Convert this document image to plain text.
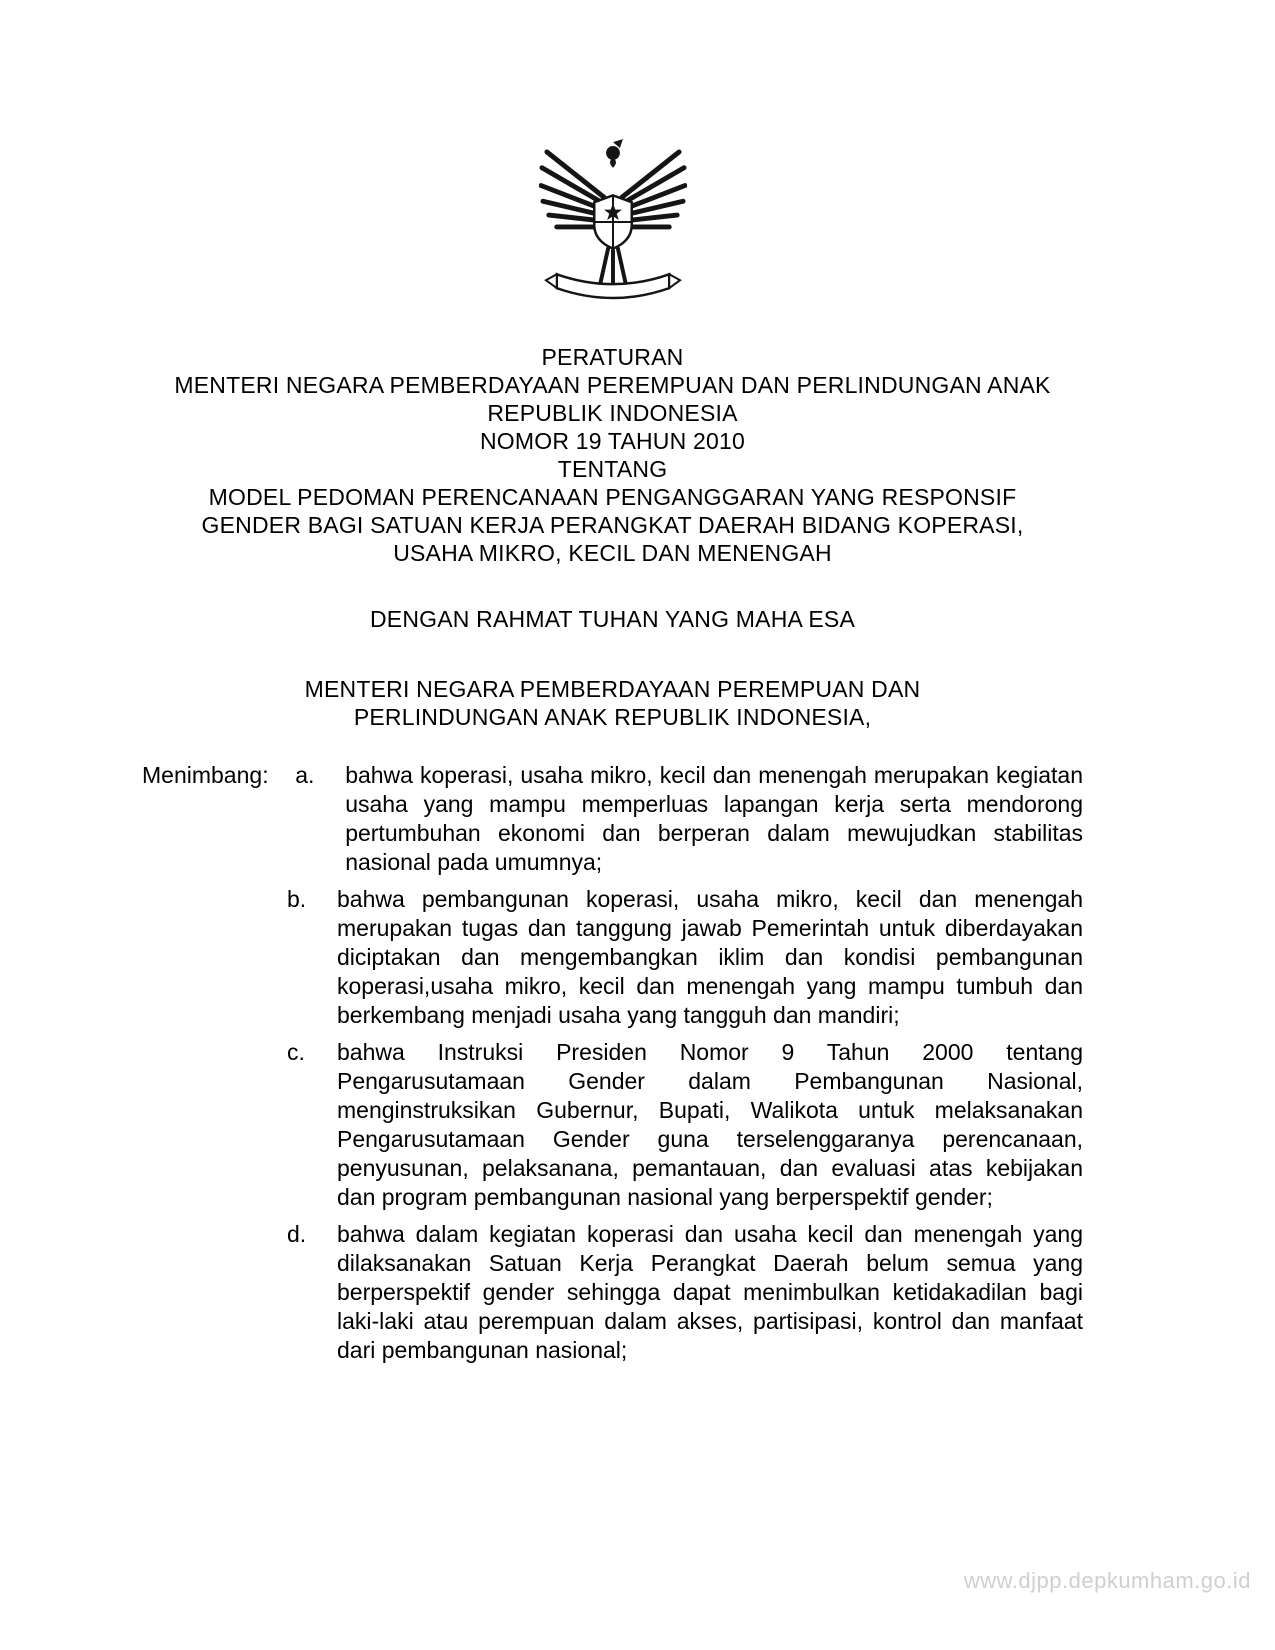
PERATURAN
MENTERI NEGARA PEMBERDAYAAN PEREMPUAN DAN PERLINDUNGAN ANAK
REPUBLIK INDONESIA
NOMOR 19 TAHUN 2010
TENTANG
MODEL PEDOMAN PERENCANAAN PENGANGGARAN YANG RESPONSIF
GENDER BAGI SATUAN KERJA PERANGKAT DAERAH BIDANG KOPERASI,
USAHA MIKRO, KECIL DAN MENENGAH
DENGAN RAHMAT TUHAN YANG MAHA ESA
MENTERI NEGARA PEMBERDAYAAN PEREMPUAN DAN
PERLINDUNGAN ANAK REPUBLIK INDONESIA,
Menimbang :	a.	bahwa koperasi, usaha mikro, kecil dan menengah merupakan kegiatan usaha yang mampu memperluas lapangan kerja serta mendorong pertumbuhan ekonomi dan berperan dalam mewujudkan stabilitas nasional pada umumnya;
b.	bahwa pembangunan koperasi, usaha mikro, kecil dan menengah merupakan tugas dan tanggung jawab Pemerintah untuk diberdayakan diciptakan dan mengembangkan iklim dan kondisi pembangunan koperasi,usaha mikro, kecil dan menengah yang mampu tumbuh dan berkembang menjadi usaha yang tangguh dan mandiri;
c.	bahwa Instruksi Presiden Nomor 9 Tahun 2000 tentang Pengarusutamaan Gender dalam Pembangunan Nasional, menginstruksikan Gubernur, Bupati, Walikota untuk melaksanakan Pengarusutamaan Gender guna terselenggaranya perencanaan, penyusunan, pelaksanana, pemantauan, dan evaluasi atas kebijakan dan program pembangunan nasional yang berperspektif gender;
d.	bahwa dalam kegiatan koperasi dan usaha kecil dan menengah yang dilaksanakan Satuan Kerja Perangkat Daerah belum semua yang berperspektif gender sehingga dapat menimbulkan ketidakadilan bagi laki-laki atau perempuan dalam akses, partisipasi, kontrol dan manfaat dari pembangunan nasional;
www.djpp.depkumham.go.id
